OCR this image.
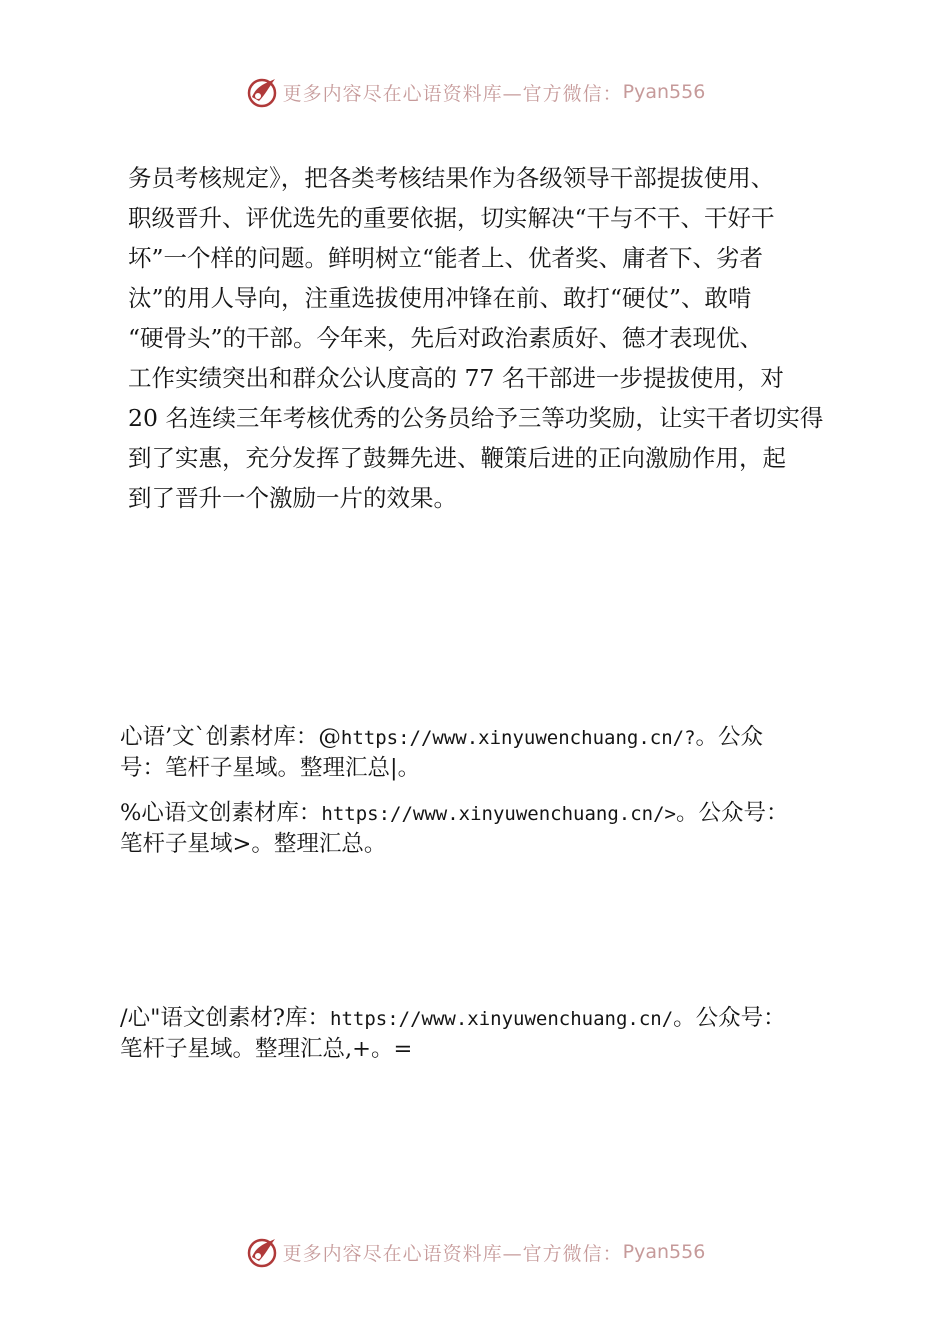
更多内容尽在心语资料库—官方微信： Pyan556
务员考核规定》，把各类考核结果作为各级领导干部提拔使用、
职级晋升、评优选先的重要依据，切实解决“干与不干、干好干
坏”一个样的问题。鲜明树立“能者上、优者奖、庸者下、劣者
汰”的用人导向，注重选拔使用冲锋在前、敢打“硬仗”、敢啃
“硬骨头”的干部。今年来，先后对政治素质好、德才表现优、
工作实绩突出和群众公认度高的 77 名干部进一步提拔使用，对
20 名连续三年考核优秀的公务员给予三等功奖励，让实干者切实得
到了实惠，充分发挥了鼓舞先进、鞭策后进的正向激励作用，起
到了晋升一个激励一片的效果。
心语’文`创素材库：@https://www.xinyuwenchuang.cn/?。公众
号：笔杆子星域。整理汇总|。
%心语文创素材库：https://www.xinyuwenchuang.cn/>。公众号：
笔杆子星域>。整理汇总。
/心"语文创素材?库：https://www.xinyuwenchuang.cn/。公众号：
笔杆子星域。整理汇总,+。=
更多内容尽在心语资料库—官方微信： Pyan556
